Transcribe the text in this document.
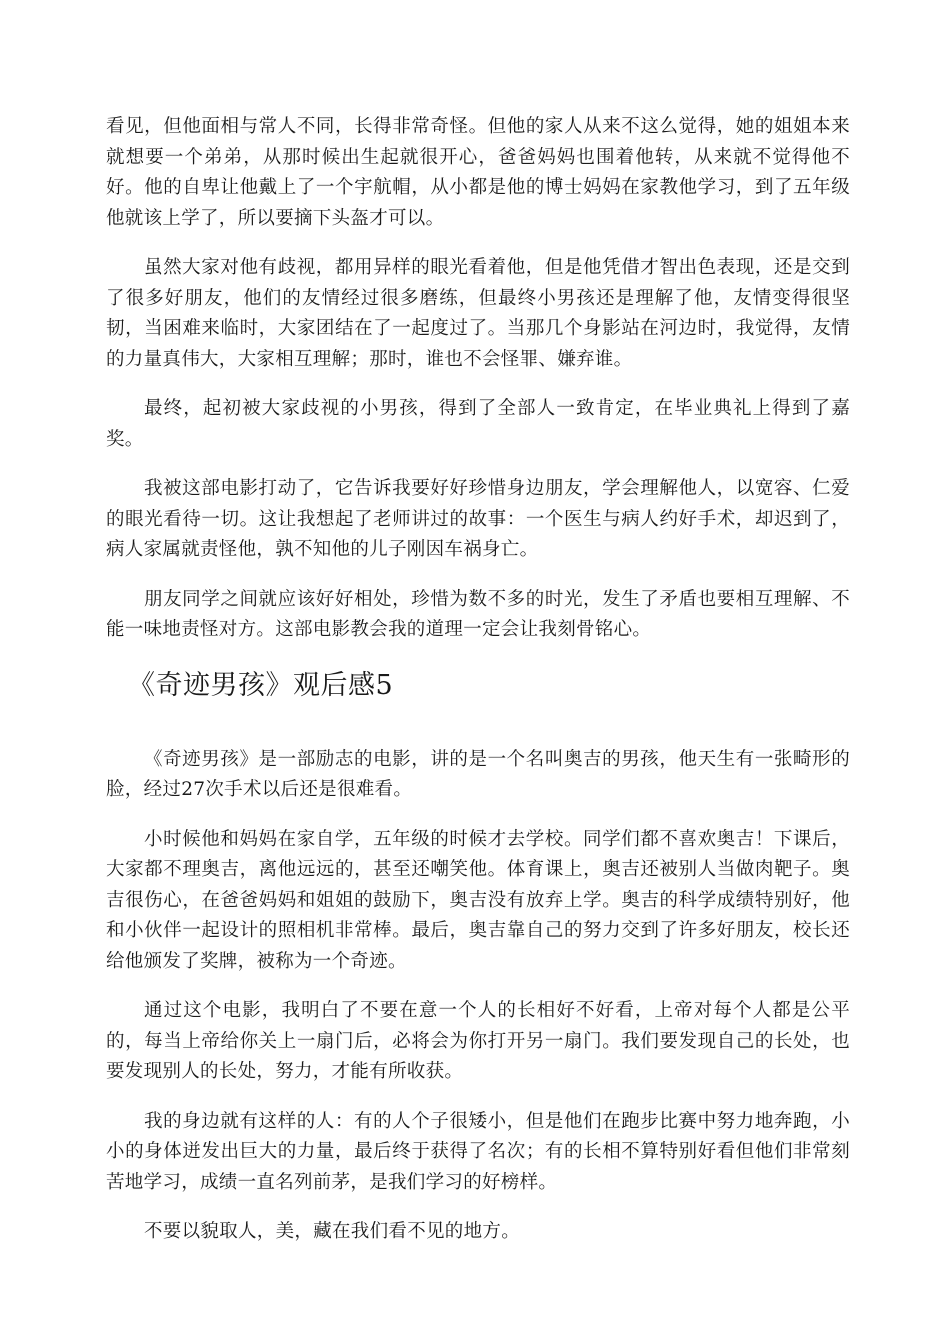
看见，但他面相与常人不同，长得非常奇怪。但他的家人从来不这么觉得，她的姐姐本来就想要一个弟弟，从那时候出生起就很开心，爸爸妈妈也围着他转，从来就不觉得他不好。他的自卑让他戴上了一个宇航帽，从小都是他的博士妈妈在家教他学习，到了五年级他就该上学了，所以要摘下头盔才可以。

虽然大家对他有歧视，都用异样的眼光看着他，但是他凭借才智出色表现，还是交到了很多好朋友，他们的友情经过很多磨练，但最终小男孩还是理解了他，友情变得很坚韧，当困难来临时，大家团结在了一起度过了。当那几个身影站在河边时，我觉得，友情的力量真伟大，大家相互理解；那时，谁也不会怪罪、嫌弃谁。

最终，起初被大家歧视的小男孩，得到了全部人一致肯定，在毕业典礼上得到了嘉奖。

我被这部电影打动了，它告诉我要好好珍惜身边朋友，学会理解他人，以宽容、仁爱的眼光看待一切。这让我想起了老师讲过的故事：一个医生与病人约好手术，却迟到了，病人家属就责怪他，孰不知他的儿子刚因车祸身亡。

朋友同学之间就应该好好相处，珍惜为数不多的时光，发生了矛盾也要相互理解、不能一味地责怪对方。这部电影教会我的道理一定会让我刻骨铭心。

《奇迹男孩》观后感5

《奇迹男孩》是一部励志的电影，讲的是一个名叫奥吉的男孩，他天生有一张畸形的脸，经过27次手术以后还是很难看。

小时候他和妈妈在家自学，五年级的时候才去学校。同学们都不喜欢奥吉！下课后，大家都不理奥吉，离他远远的，甚至还嘲笑他。体育课上，奥吉还被别人当做肉靶子。奥吉很伤心，在爸爸妈妈和姐姐的鼓励下，奥吉没有放弃上学。奥吉的科学成绩特别好，他和小伙伴一起设计的照相机非常棒。最后，奥吉靠自己的努力交到了许多好朋友，校长还给他颁发了奖牌，被称为一个奇迹。

通过这个电影，我明白了不要在意一个人的长相好不好看，上帝对每个人都是公平的，每当上帝给你关上一扇门后，必将会为你打开另一扇门。我们要发现自己的长处，也要发现别人的长处，努力，才能有所收获。

我的身边就有这样的人：有的人个子很矮小，但是他们在跑步比赛中努力地奔跑，小小的身体迸发出巨大的力量，最后终于获得了名次；有的长相不算特别好看但他们非常刻苦地学习，成绩一直名列前茅，是我们学习的好榜样。

不要以貌取人，美，藏在我们看不见的地方。
